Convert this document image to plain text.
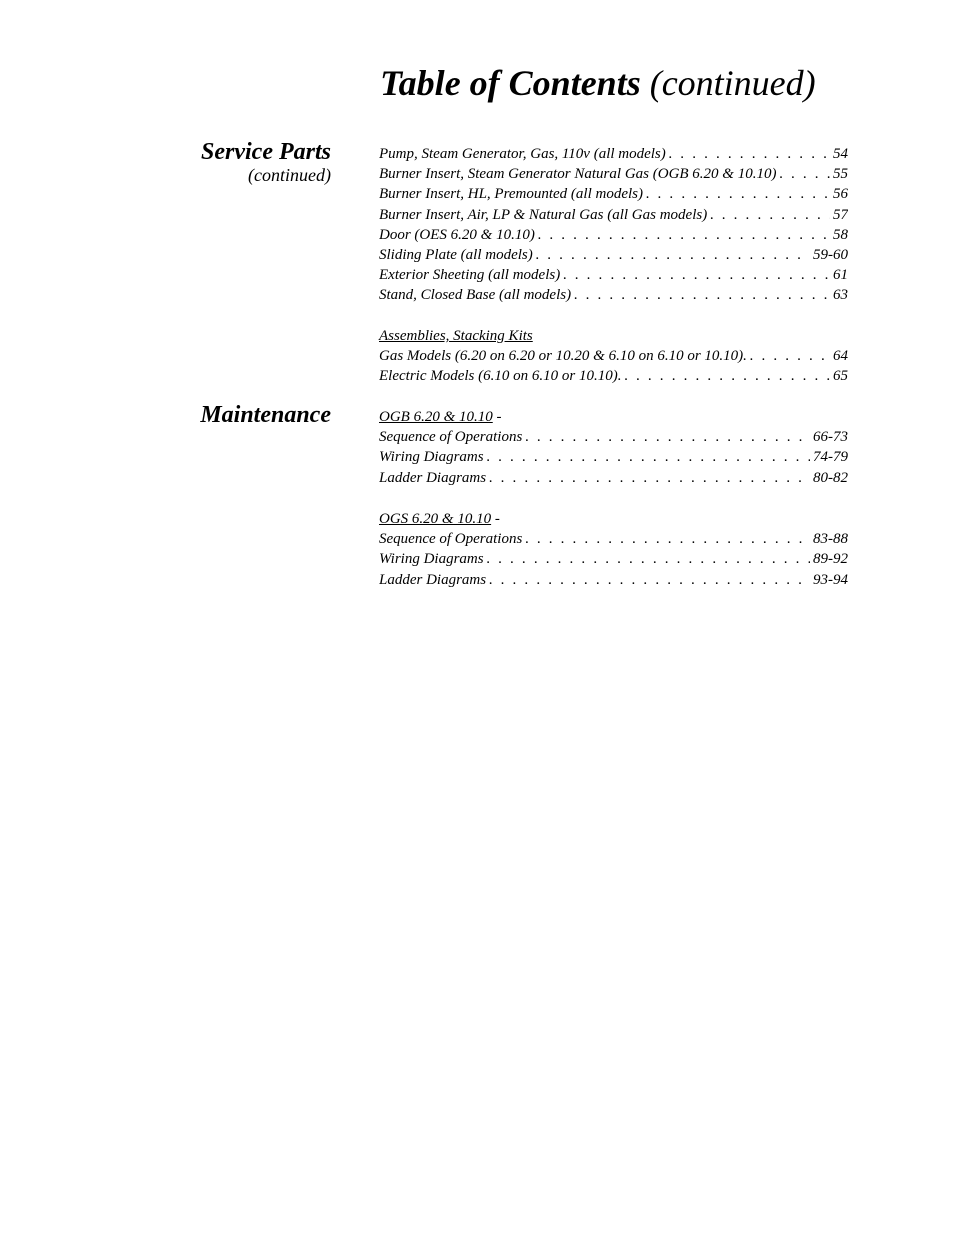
Table of Contents (continued)
Service Parts
(continued)
Pump, Steam Generator, Gas, 110v (all models) . . .	54
Burner Insert, Steam Generator Natural Gas (OGB 6.20 & 10.10) . . .	55
Burner Insert, HL, Premounted (all models) . . .	56
Burner Insert, Air, LP & Natural Gas (all Gas models) . . .	57
Door (OES 6.20 & 10.10) . . .	58
Sliding Plate (all models) . . .	59-60
Exterior Sheeting (all models) . . .	61
Stand, Closed Base (all models) . . .	63
Assemblies, Stacking Kits
Gas Models (6.20 on 6.20 or 10.20 & 6.10 on 6.10 or 10.10). . . .	64
Electric Models (6.10 on 6.10 or 10.10). . . .	65
Maintenance	OGB 6.20 & 10.10 -
Sequence of Operations . . .	66-73
Wiring Diagrams . . .	74-79
Ladder Diagrams . . .	80-82
OGS 6.20 & 10.10 -
Sequence of Operations . . .	83-88
Wiring Diagrams . . .	89-92
Ladder Diagrams . . .	93-94
